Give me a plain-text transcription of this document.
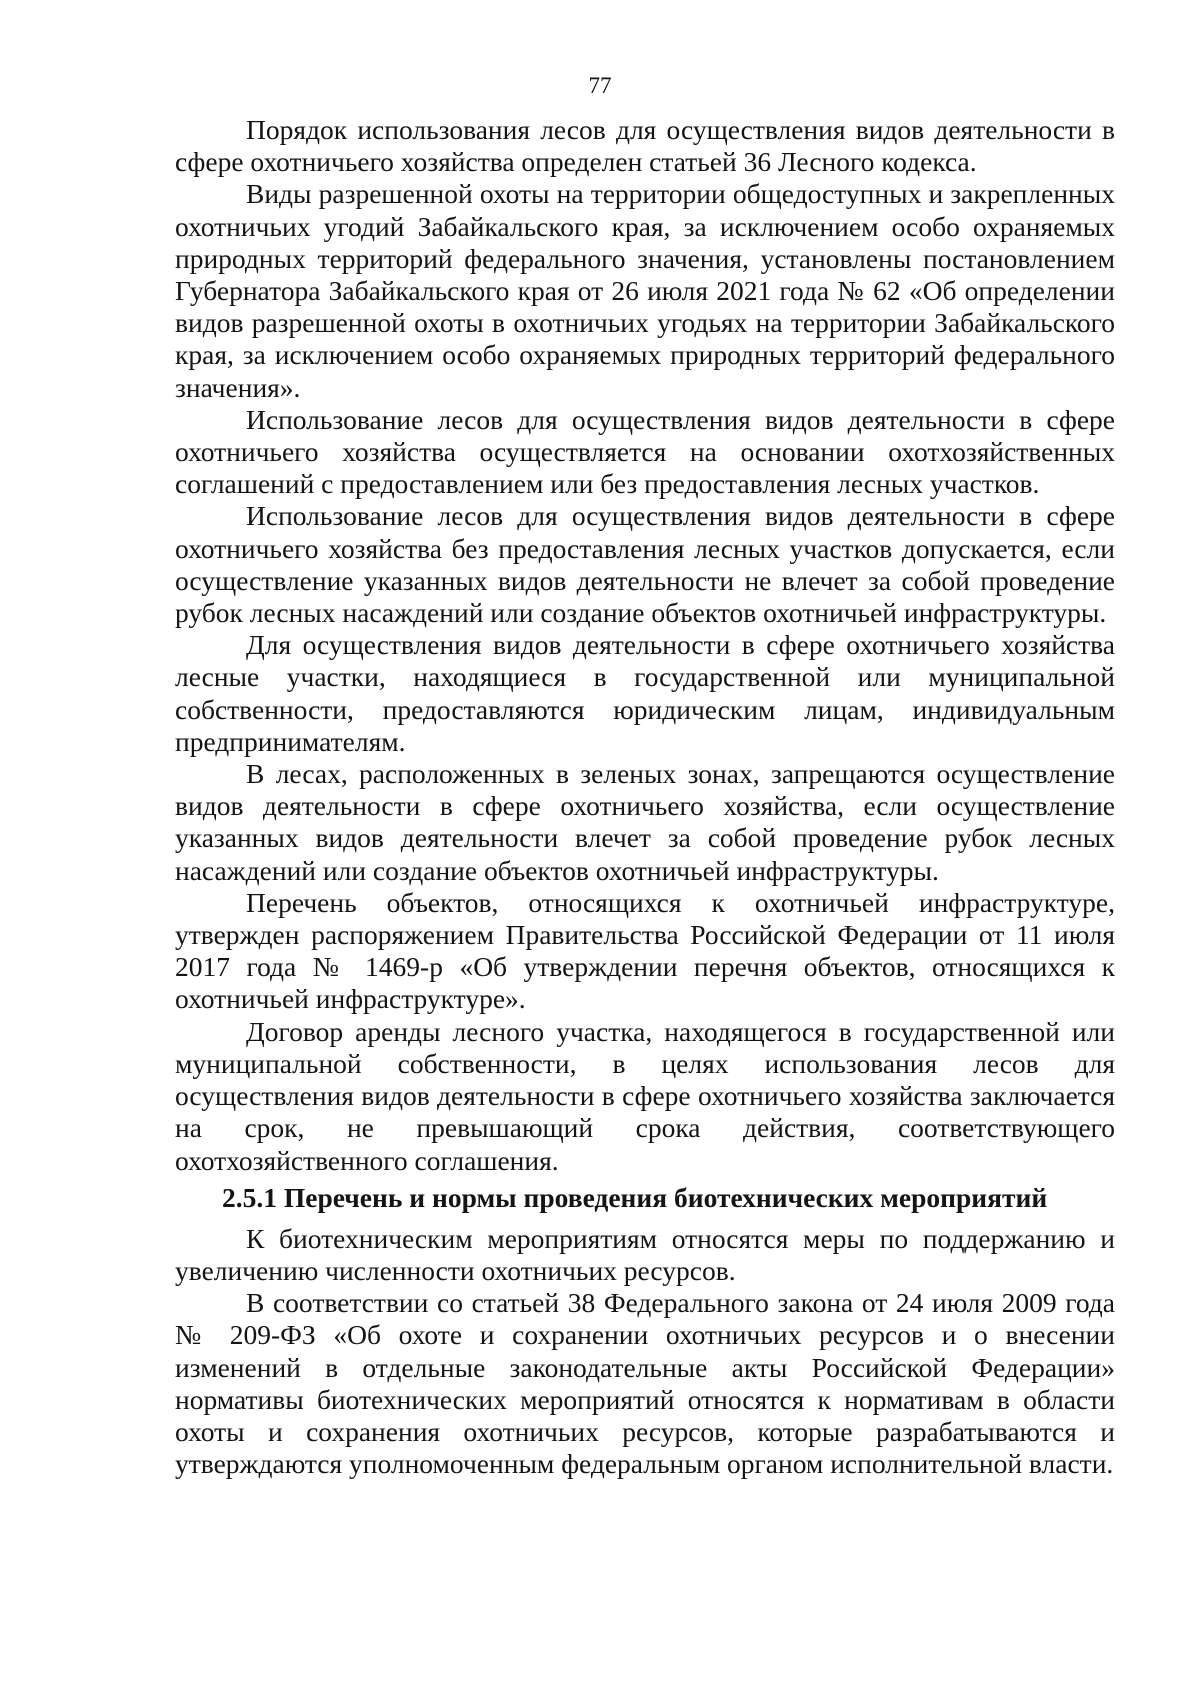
77

Порядок использования лесов для осуществления видов деятельности в сфере охотничьего хозяйства определен статьей 36 Лесного кодекса.

Виды разрешенной охоты на территории общедоступных и закрепленных охотничьих угодий Забайкальского края, за исключением особо охраняемых природных территорий федерального значения, установлены постановлением Губернатора Забайкальского края от 26 июля 2021 года № 62 «Об определении видов разрешенной охоты в охотничьих угодьях на территории Забайкальского края, за исключением особо охраняемых природных территорий федерального значения».

Использование лесов для осуществления видов деятельности в сфере охотничьего хозяйства осуществляется на основании охотхозяйственных соглашений с предоставлением или без предоставления лесных участков.

Использование лесов для осуществления видов деятельности в сфере охотничьего хозяйства без предоставления лесных участков допускается, если осуществление указанных видов деятельности не влечет за собой проведение рубок лесных насаждений или создание объектов охотничьей инфраструктуры.

Для осуществления видов деятельности в сфере охотничьего хозяйства лесные участки, находящиеся в государственной или муниципальной собственности, предоставляются юридическим лицам, индивидуальным предпринимателям.

В лесах, расположенных в зеленых зонах, запрещаются осуществление видов деятельности в сфере охотничьего хозяйства, если осуществление указанных видов деятельности влечет за собой проведение рубок лесных насаждений или создание объектов охотничьей инфраструктуры.

Перечень объектов, относящихся к охотничьей инфраструктуре, утвержден распоряжением Правительства Российской Федерации от 11 июля 2017 года № 1469-р «Об утверждении перечня объектов, относящихся к охотничьей инфраструктуре».

Договор аренды лесного участка, находящегося в государственной или муниципальной собственности, в целях использования лесов для осуществления видов деятельности в сфере охотничьего хозяйства заключается на срок, не превышающий срока действия, соответствующего охотхозяйственного соглашения.

2.5.1 Перечень и нормы проведения биотехнических мероприятий

К биотехническим мероприятиям относятся меры по поддержанию и увеличению численности охотничьих ресурсов.

В соответствии со статьей 38 Федерального закона от 24 июля 2009 года № 209-ФЗ «Об охоте и сохранении охотничьих ресурсов и о внесении изменений в отдельные законодательные акты Российской Федерации» нормативы биотехнических мероприятий относятся к нормативам в области охоты и сохранения охотничьих ресурсов, которые разрабатываются и утверждаются уполномоченным федеральным органом исполнительной власти.
